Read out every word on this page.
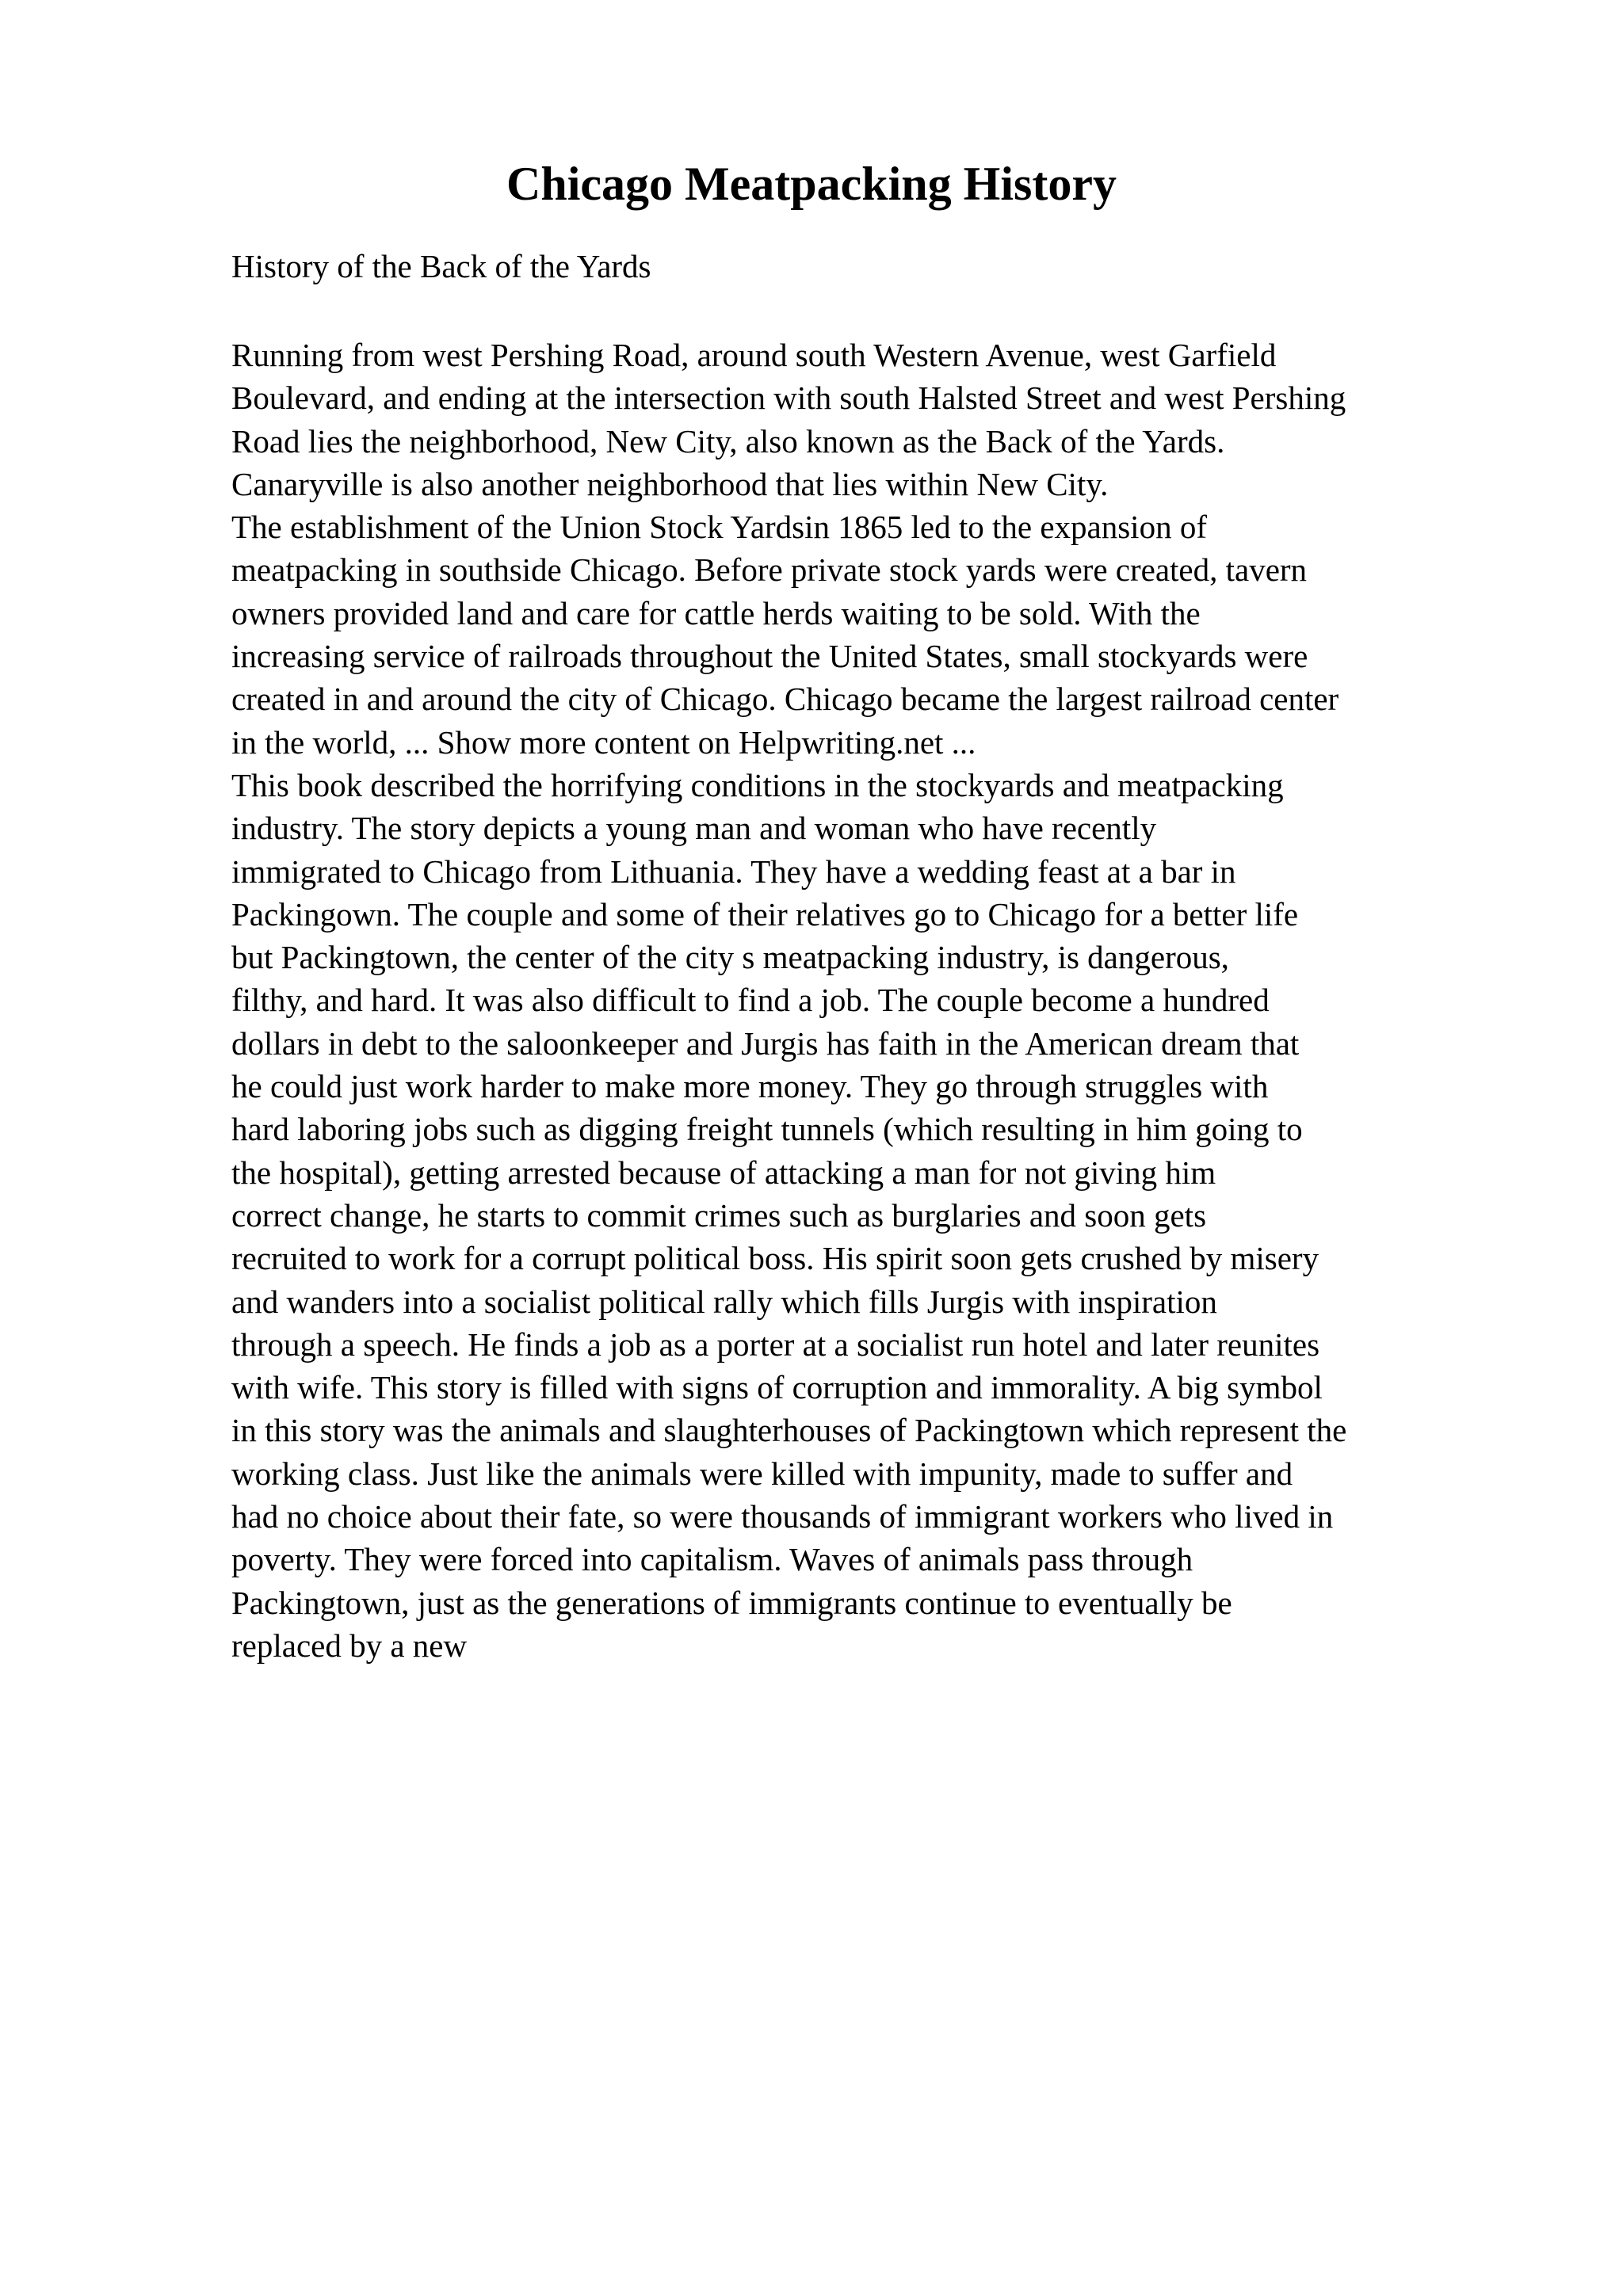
Chicago Meatpacking History

History of the Back of the Yards

Running from west Pershing Road, around south Western Avenue, west Garfield
Boulevard, and ending at the intersection with south Halsted Street and west Pershing
Road lies the neighborhood, New City, also known as the Back of the Yards.
Canaryville is also another neighborhood that lies within New City.
The establishment of the Union Stock Yardsin 1865 led to the expansion of
meatpacking in southside Chicago. Before private stock yards were created, tavern
owners provided land and care for cattle herds waiting to be sold. With the
increasing service of railroads throughout the United States, small stockyards were
created in and around the city of Chicago. Chicago became the largest railroad center
in the world, ... Show more content on Helpwriting.net ...
This book described the horrifying conditions in the stockyards and meatpacking
industry. The story depicts a young man and woman who have recently
immigrated to Chicago from Lithuania. They have a wedding feast at a bar in
Packingown. The couple and some of their relatives go to Chicago for a better life
but Packingtown, the center of the city s meatpacking industry, is dangerous,
filthy, and hard. It was also difficult to find a job. The couple become a hundred
dollars in debt to the saloonkeeper and Jurgis has faith in the American dream that
he could just work harder to make more money. They go through struggles with
hard laboring jobs such as digging freight tunnels (which resulting in him going to
the hospital), getting arrested because of attacking a man for not giving him
correct change, he starts to commit crimes such as burglaries and soon gets
recruited to work for a corrupt political boss. His spirit soon gets crushed by misery
and wanders into a socialist political rally which fills Jurgis with inspiration
through a speech. He finds a job as a porter at a socialist run hotel and later reunites
with wife. This story is filled with signs of corruption and immorality. A big symbol
in this story was the animals and slaughterhouses of Packingtown which represent the
working class. Just like the animals were killed with impunity, made to suffer and
had no choice about their fate, so were thousands of immigrant workers who lived in
poverty. They were forced into capitalism. Waves of animals pass through
Packingtown, just as the generations of immigrants continue to eventually be
replaced by a new
